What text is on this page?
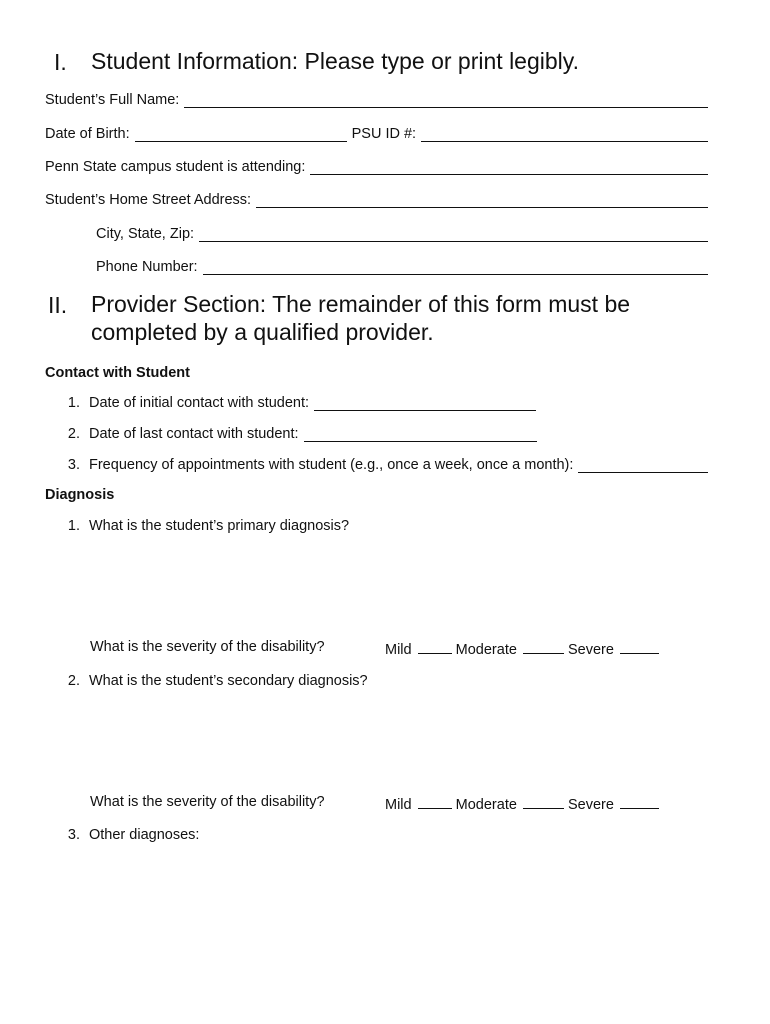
I. Student Information: Please type or print legibly.
Student’s Full Name:
Date of Birth:	PSU ID #:
Penn State campus student is attending:
Student’s Home Street Address:
City, State, Zip:
Phone Number:
II. Provider Section: The remainder of this form must be
completed by a qualified provider.
Contact with Student
1. Date of initial contact with student:
2. Date of last contact with student:
3. Frequency of appointments with student (e.g., once a week, once a month):
Diagnosis
1. What is the student’s primary diagnosis?
What is the severity of the disability?	Mild	Moderate	Severe
2. What is the student’s secondary diagnosis?
What is the severity of the disability?	Mild	Moderate	Severe
3. Other diagnoses:
